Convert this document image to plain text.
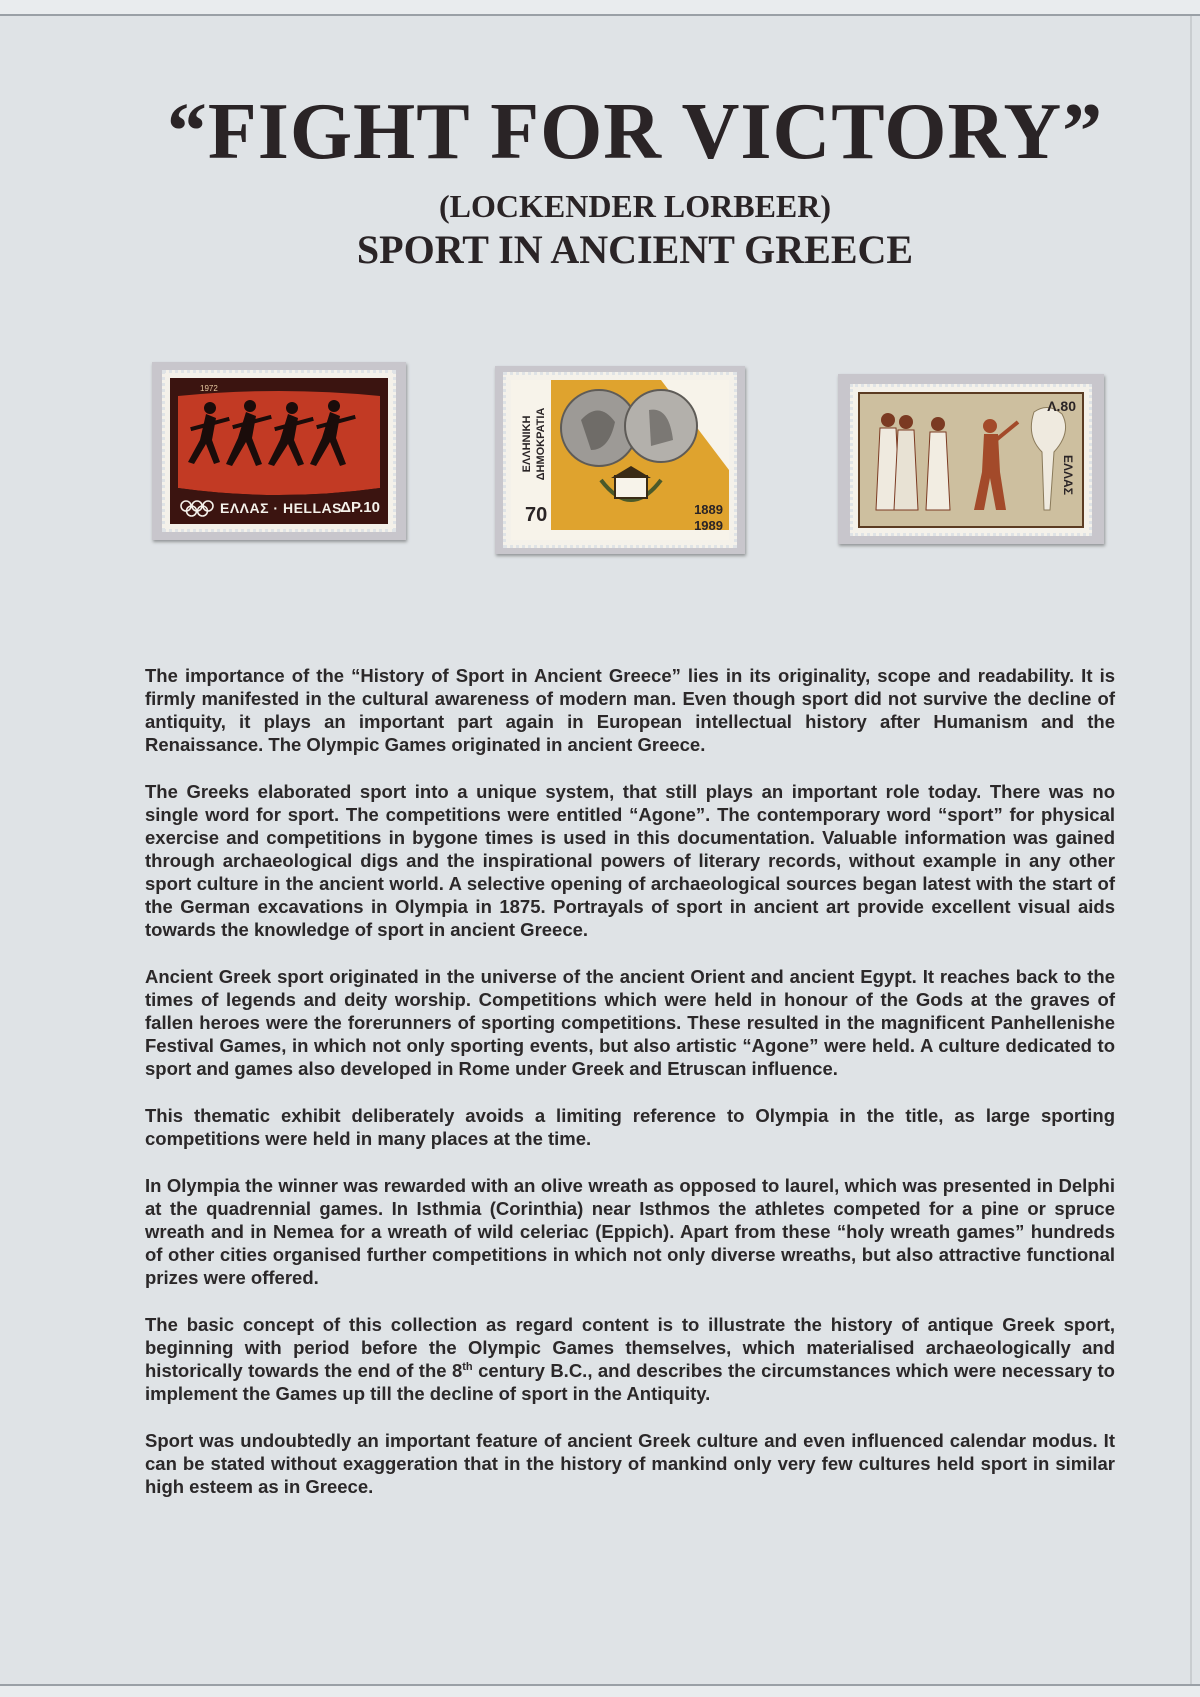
“FIGHT FOR VICTORY”
(LOCKENDER LORBEER)
SPORT IN ANCIENT GREECE
1972
ΕΛΛΑΣ · HELLAS
ΔΡ.10
ΕΛΛΗΝΙΚΗ ΔΗΜΟΚΡΑΤΙΑ
70	1889
1989
Λ.80
ΕΛΛΑΣ

The importance of the “History of Sport in Ancient Greece” lies in its originality, scope and readability. It is firmly manifested in the cultural awareness of modern man. Even though sport did not survive the decline of antiquity, it plays an important part again in European intellectual history after Humanism and the Renaissance. The Olympic Games originated in ancient Greece.

The Greeks elaborated sport into a unique system, that still plays an important role today. There was no single word for sport. The competitions were entitled “Agone”. The contemporary word “sport” for physical exercise and competitions in bygone times is used in this documentation. Valuable information was gained through archaeological digs and the inspirational powers of literary records, without example in any other sport culture in the ancient world. A selective opening of archaeological sources began latest with the start of the German excavations in Olympia in 1875. Portrayals of sport in ancient art provide excellent visual aids towards the knowledge of sport in ancient Greece.

Ancient Greek sport originated in the universe of the ancient Orient and ancient Egypt. It reaches back to the times of legends and deity worship. Competitions which were held in honour of the Gods at the graves of fallen heroes were the forerunners of sporting competitions. These resulted in the magnificent Panhellenishe Festival Games, in which not only sporting events, but also artistic “Agone” were held. A culture dedicated to sport and games also developed in Rome under Greek and Etruscan influence.

This thematic exhibit deliberately avoids a limiting reference to Olympia in the title, as large sporting competitions were held in many places at the time.

In Olympia the winner was rewarded with an olive wreath as opposed to laurel, which was presented in Delphi at the quadrennial games. In Isthmia (Corinthia) near Isthmos the athletes competed for a pine or spruce wreath and in Nemea for a wreath of wild celeriac (Eppich). Apart from these “holy wreath games” hundreds of other cities organised further competitions in which not only diverse wreaths, but also attractive functional prizes were offered.

The basic concept of this collection as regard content is to illustrate the history of antique Greek sport, beginning with period before the Olympic Games themselves, which materialised archaeologically and historically towards the end of the 8th century B.C., and describes the circumstances which were necessary to implement the Games up till the decline of sport in the Antiquity.

Sport was undoubtedly an important feature of ancient Greek culture and even influenced calendar modus. It can be stated without exaggeration that in the history of mankind only very few cultures held sport in similar high esteem as in Greece.
